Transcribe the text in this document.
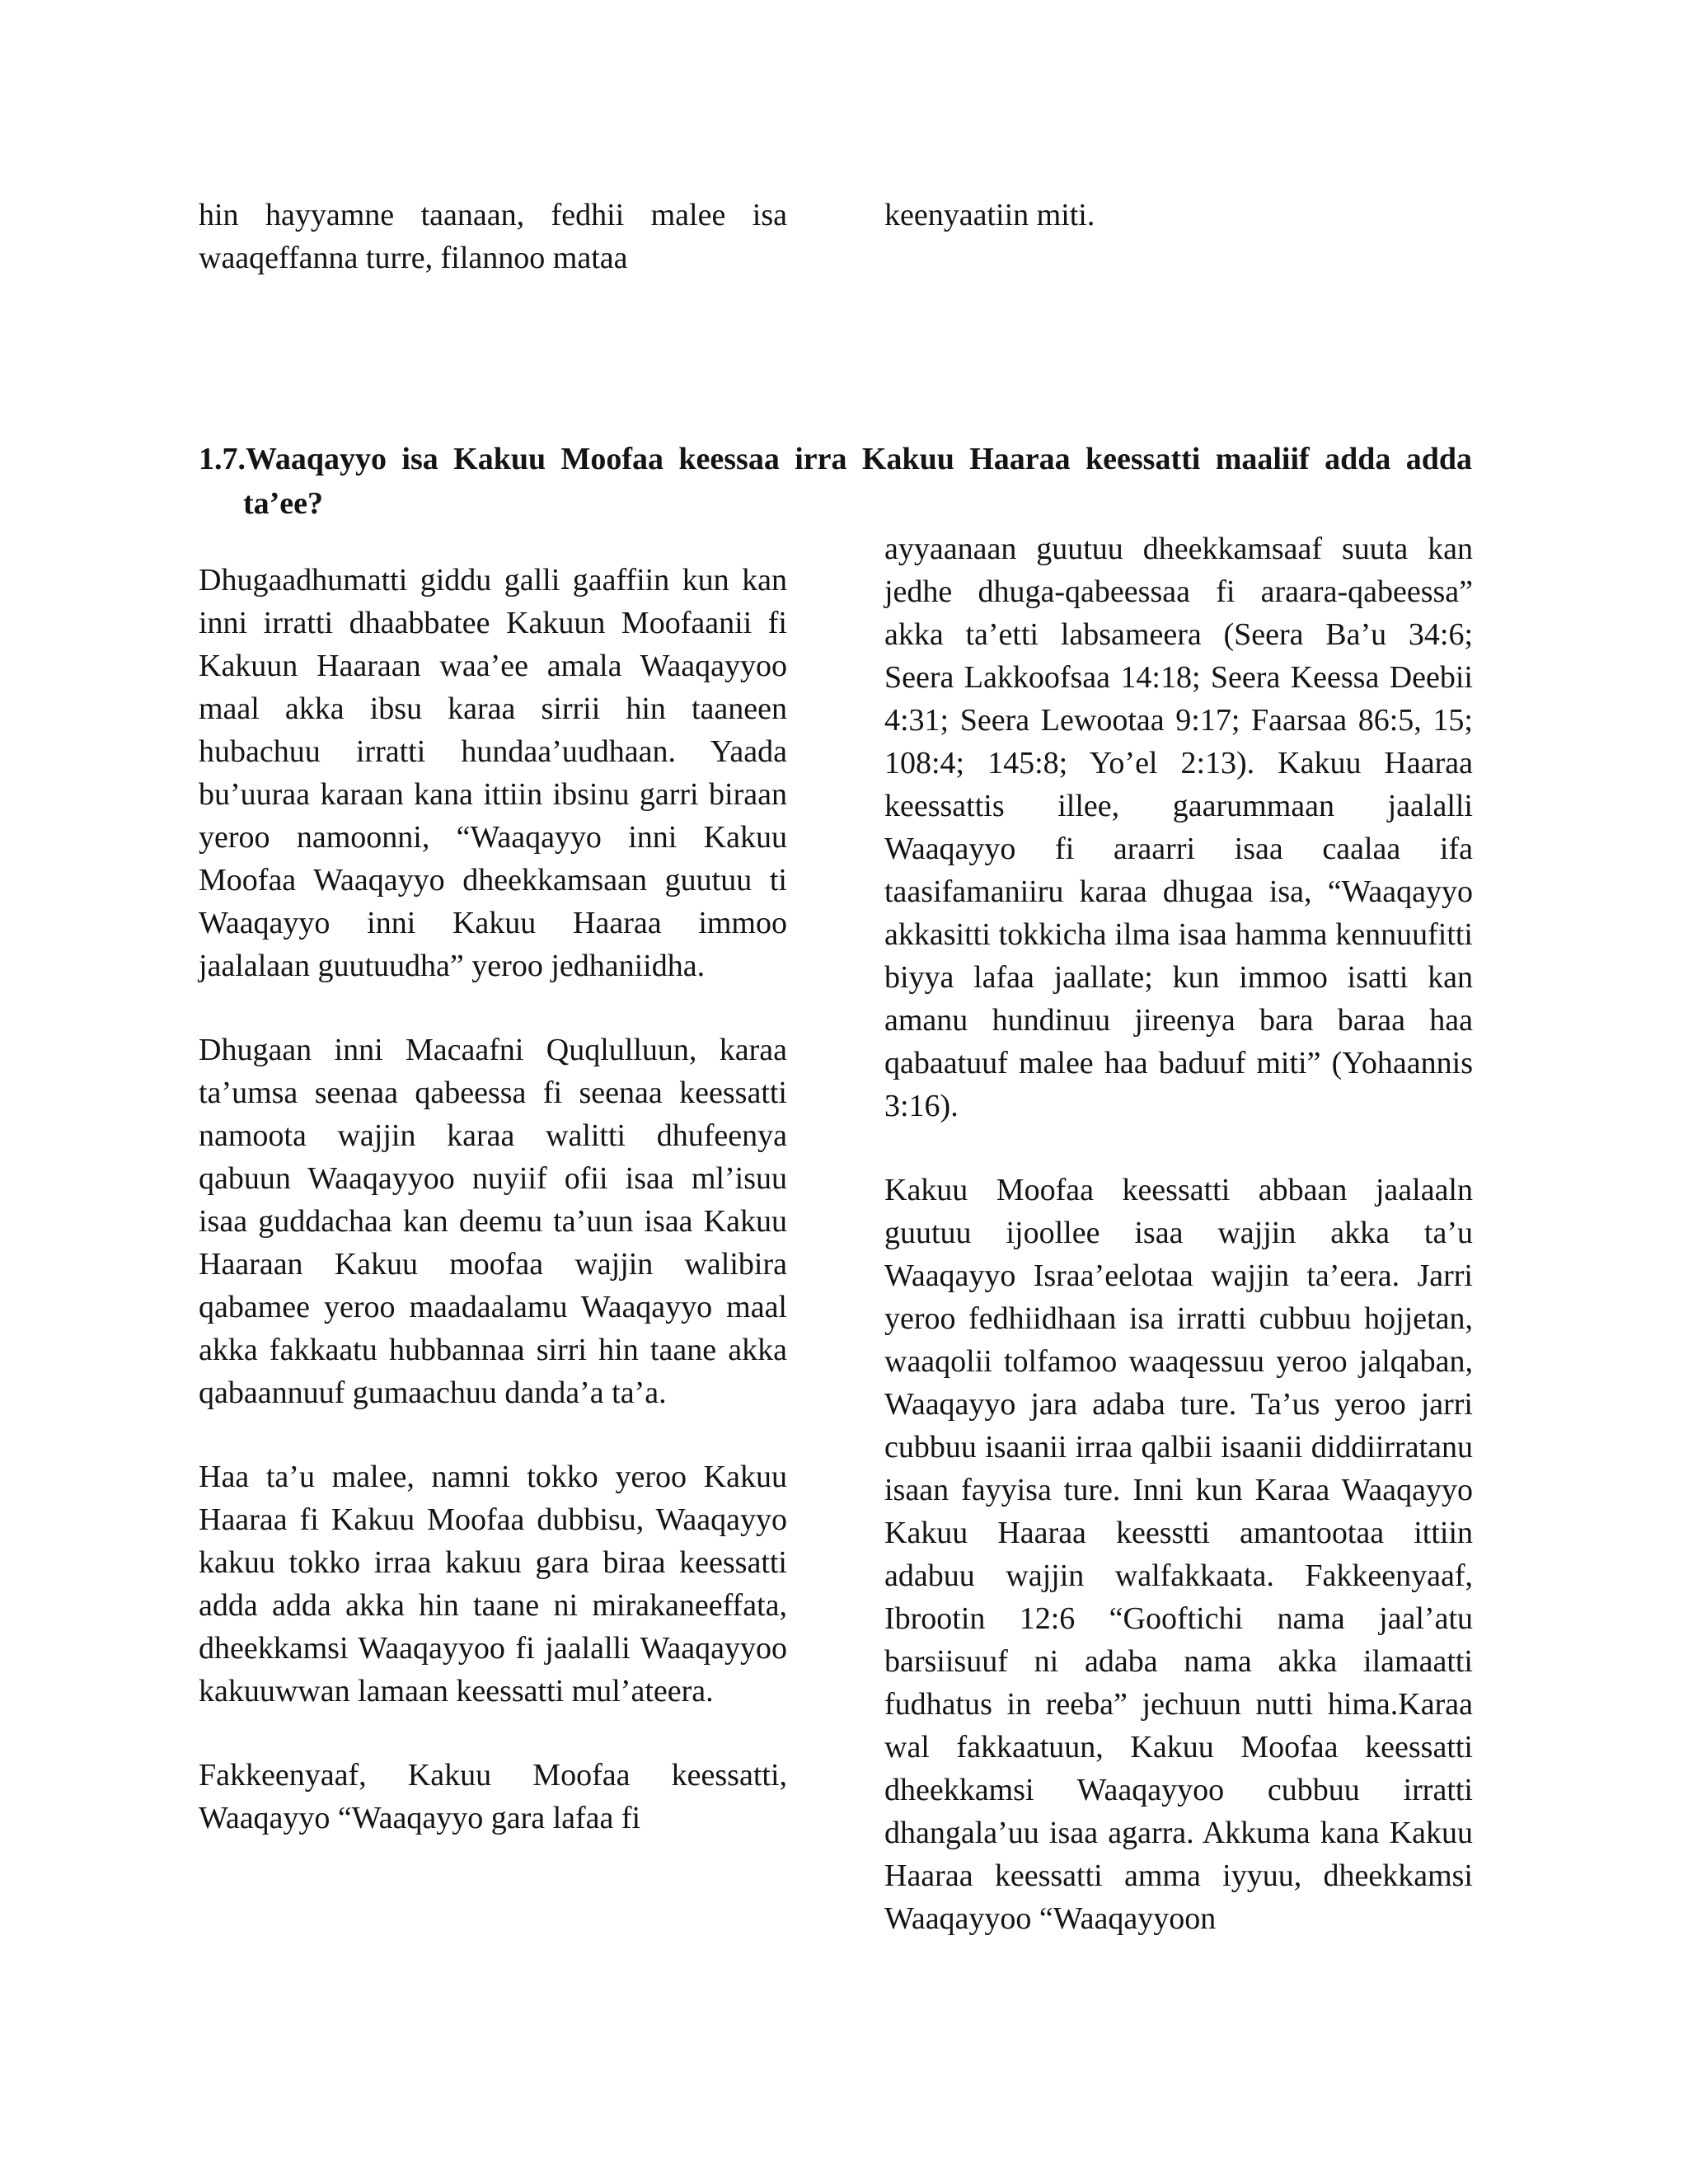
hin hayyamne taanaan, fedhii malee isa waaqeffanna turre, filannoo mataa

keenyaatiin miti.

1.7.Waaqayyo isa Kakuu Moofaa keessaa irra Kakuu Haaraa keessatti maaliif adda adda
ta’ee?

Dhugaadhumatti giddu galli gaaffiin kun kan inni irratti dhaabbatee Kakuun Moofaanii fi Kakuun Haaraan waa’ee amala Waaqayyoo maal akka ibsu karaa sirrii hin taaneen hubachuu irratti hundaa’uudhaan. Yaada bu’uuraa karaan kana ittiin ibsinu garri biraan yeroo namoonni, “Waaqayyo inni Kakuu Moofaa Waaqayyo dheekkamsaan guutuu ti Waaqayyo inni Kakuu Haaraa immoo jaalalaan guutuudha” yeroo jedhaniidha.

Dhugaan inni Macaafni Quqlulluun, karaa ta’umsa seenaa qabeessa fi seenaa keessatti namoota wajjin karaa walitti dhufeenya qabuun Waaqayyoo nuyiif ofii isaa ml’isuu isaa guddachaa kan deemu ta’uun isaa Kakuu Haaraan Kakuu moofaa wajjin walibira qabamee yeroo maadaalamu Waaqayyo maal akka fakkaatu hubbannaa sirri hin taane akka qabaannuuf gumaachuu danda’a ta’a.

Haa ta’u malee, namni tokko yeroo Kakuu Haaraa fi Kakuu Moofaa dubbisu, Waaqayyo kakuu tokko irraa kakuu gara biraa keessatti adda adda akka hin taane ni mirakaneeffata, dheekkamsi Waaqayyoo fi jaalalli Waaqayyoo kakuuwwan lamaan keessatti mul’ateera.

Fakkeenyaaf, Kakuu Moofaa keessatti, Waaqayyo “Waaqayyo gara lafaa fi

ayyaanaan guutuu dheekkamsaaf suuta kan jedhe dhuga-qabeessaa fi araara-qabeessa” akka ta’etti labsameera (Seera Ba’u 34:6; Seera Lakkoofsaa 14:18; Seera Keessa Deebii 4:31; Seera Lewootaa 9:17; Faarsaa 86:5, 15; 108:4; 145:8; Yo’el 2:13). Kakuu Haaraa keessattis illee, gaarummaan jaalalli Waaqayyo fi araarri isaa caalaa ifa taasifamaniiru karaa dhugaa isa, “Waaqayyo akkasitti tokkicha ilma isaa hamma kennuufitti biyya lafaa jaallate; kun immoo isatti kan amanu hundinuu jireenya bara baraa haa qabaatuuf malee haa baduuf miti” (Yohaannis 3:16).

Kakuu Moofaa keessatti abbaan jaalaaln guutuu ijoollee isaa wajjin akka ta’u Waaqayyo Israa’eelotaa wajjin ta’eera. Jarri yeroo fedhiidhaan isa irratti cubbuu hojjetan, waaqolii tolfamoo waaqessuu yeroo jalqaban, Waaqayyo jara adaba ture. Ta’us yeroo jarri cubbuu isaanii irraa qalbii isaanii diddiirratanu isaan fayyisa ture. Inni kun Karaa Waaqayyo Kakuu Haaraa keesstti amantootaa ittiin adabuu wajjin walfakkaata. Fakkeenyaaf, Ibrootin 12:6 “Gooftichi nama jaal’atu barsiisuuf ni adaba nama akka ilamaatti fudhatus in reeba” jechuun nutti hima.Karaa wal fakkaatuun, Kakuu Moofaa keessatti dheekkamsi Waaqayyoo cubbuu irratti dhangala’uu isaa agarra. Akkuma kana Kakuu Haaraa keessatti amma iyyuu, dheekkamsi Waaqayyoo “Waaqayyoon
